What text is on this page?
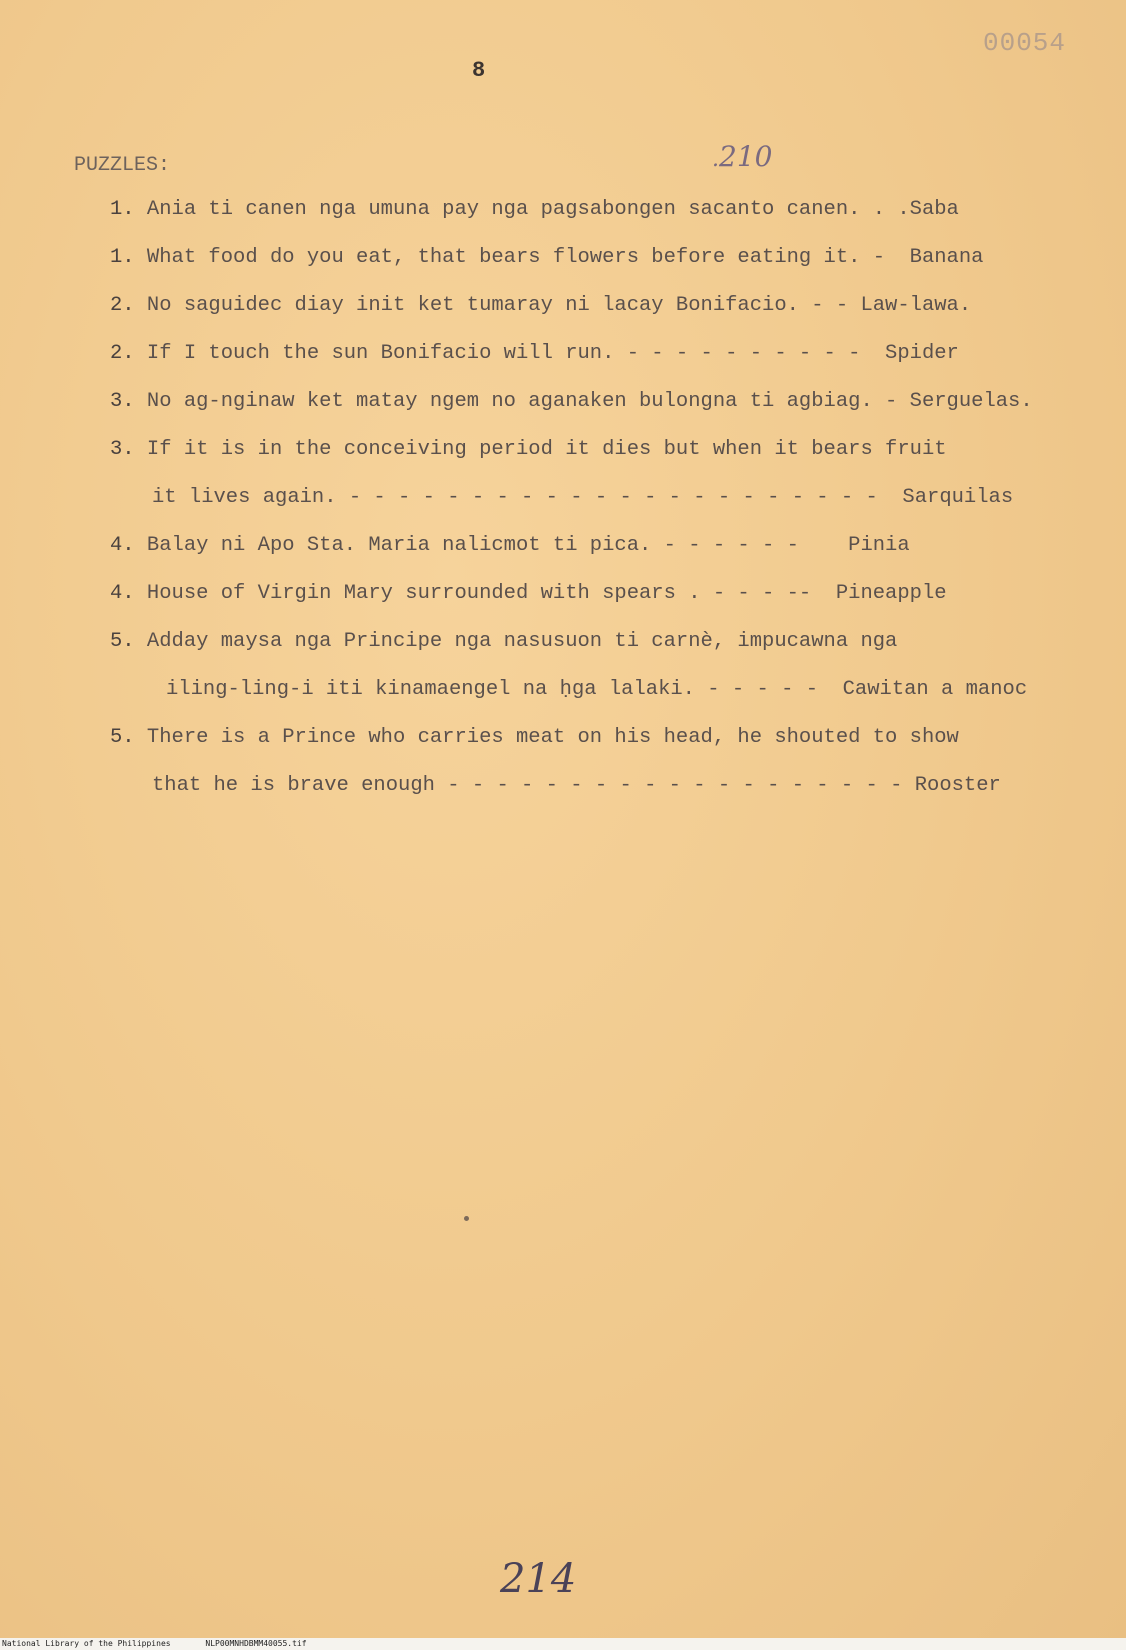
00054
8
PUZZLES:	.210
1. Ania ti canen nga umuna pay nga pagsabongen sacanto canen. . .Saba
1. What food do you eat, that bears flowers before eating it. -  Banana
2. No saguidec diay init ket tumaray ni lacay Bonifacio. - - Law-lawa.
2. If I touch the sun Bonifacio will run. - - - - - - - - - -  Spider
3. No ag-nginaw ket matay ngem no aganaken bulongna ti agbiag. - Serguelas.
3. If it is in the conceiving period it dies but when it bears fruit
it lives again. - - - - - - - - - - - - - - - - - - - - - -  Sarquilas
4. Balay ni Apo Sta. Maria nalicmot ti pica. - - - - - -    Pinia
4. House of Virgin Mary surrounded with spears . - - - --  Pineapple
5. Adday maysa nga Principe nga nasusuon ti carnè, impucawna nga
iling-ling-i iti kinamaengel na ḥga lalaki. - - - - -  Cawitan a manoc
5. There is a Prince who carries meat on his head, he shouted to show
that he is brave enough - - - - - - - - - - - - - - - - - - - Rooster
214
National Library of the Philippines	NLP00MNHDBMM40055.tif
